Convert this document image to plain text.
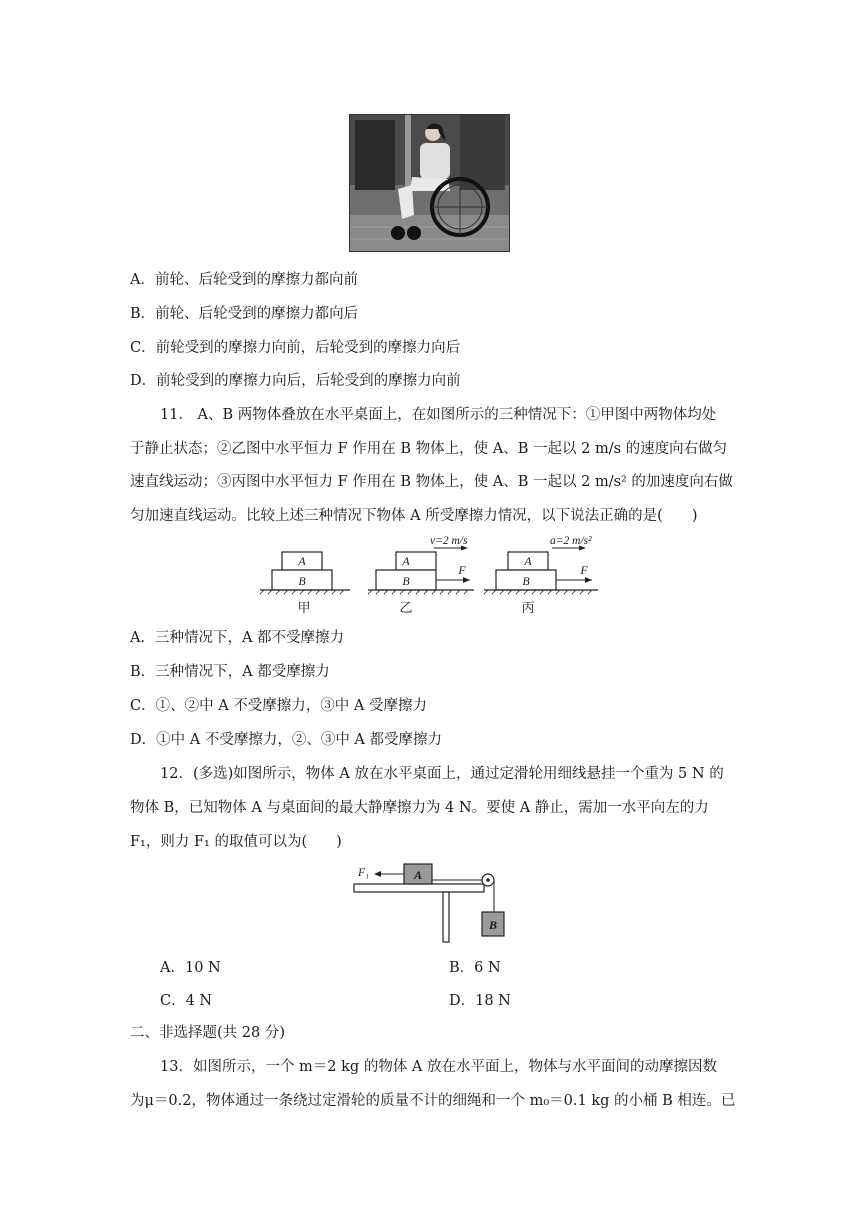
A．前轮、后轮受到的摩擦力都向前
B．前轮、后轮受到的摩擦力都向后
C．前轮受到的摩擦力向前，后轮受到的摩擦力向后
D．前轮受到的摩擦力向后，后轮受到的摩擦力向前
11． A、B 两物体叠放在水平桌面上，在如图所示的三种情况下：①甲图中两物体均处
于静止状态；②乙图中水平恒力 F 作用在 B 物体上，使 A、B 一起以 2 m/s 的速度向右做匀
速直线运动；③丙图中水平恒力 F 作用在 B 物体上，使 A、B 一起以 2 m/s² 的加速度向右做
匀加速直线运动。比较上述三种情况下物体 A 所受摩擦力情况，以下说法正确的是(　　)
A
B
甲
A
B
F
v=2 m/s
乙
A
B
F
a=2 m/s²
丙
A．三种情况下，A 都不受摩擦力
B．三种情况下，A 都受摩擦力
C．①、②中 A 不受摩擦力，③中 A 受摩擦力
D．①中 A 不受摩擦力，②、③中 A 都受摩擦力
12．(多选)如图所示，物体 A 放在水平桌面上，通过定滑轮用细线悬挂一个重为 5 N 的
物体 B，已知物体 A 与桌面间的最大静摩擦力为 4 N。要使 A 静止，需加一水平向左的力
F₁，则力 F₁ 的取值可以为(　　)
A
B
F₁
A．10 N	B．6 N
C．4 N	D．18 N
二、非选择题(共 28 分)
13．如图所示，一个 m＝2 kg 的物体 A 放在水平面上，物体与水平面间的动摩擦因数
为μ＝0.2，物体通过一条绕过定滑轮的质量不计的细绳和一个 m₀＝0.1 kg 的小桶 B 相连。已
